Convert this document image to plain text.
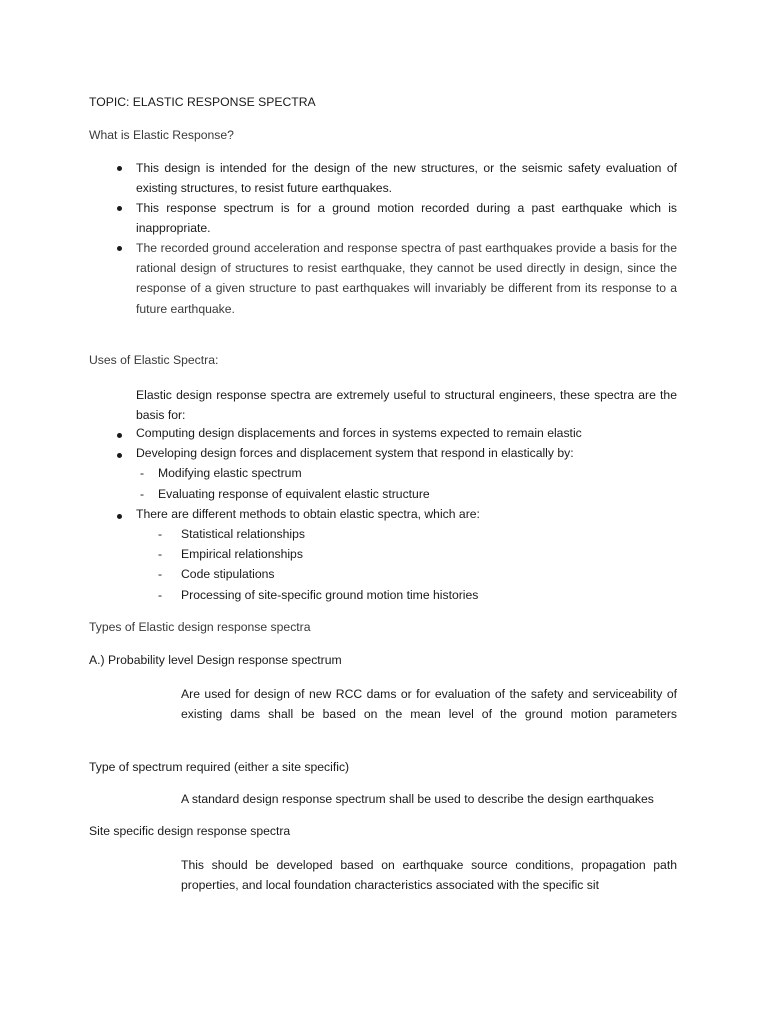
TOPIC: ELASTIC RESPONSE SPECTRA
What is Elastic Response?
This design is intended for the design of the new structures, or the seismic safety evaluation of existing structures, to resist future earthquakes.
This response spectrum is for a ground motion recorded during a past earthquake which is inappropriate.
The recorded ground acceleration and response spectra of past earthquakes provide a basis for the rational design of structures to resist earthquake, they cannot be used directly in design, since the response of a given structure to past earthquakes will invariably be different from its response to a future earthquake.
Uses of Elastic Spectra:
Elastic design response spectra are extremely useful to structural engineers, these spectra are the basis for:
Computing design displacements and forces in systems expected to remain elastic
Developing design forces and displacement system that respond in elastically by:
- Modifying elastic spectrum
- Evaluating response of equivalent elastic structure
There are different methods to obtain elastic spectra, which are:
- Statistical relationships
- Empirical relationships
- Code stipulations
- Processing of site-specific ground motion time histories
Types of Elastic design response spectra
A.) Probability level Design response spectrum
Are used for design of new RCC dams or for evaluation of the safety and serviceability of existing dams shall be based on the mean level of the ground motion parameters
Type of spectrum required (either a site specific)
A standard design response spectrum shall be used to describe the design earthquakes
Site specific design response spectra
This should be developed based on earthquake source conditions, propagation path properties, and local foundation characteristics associated with the specific sit
